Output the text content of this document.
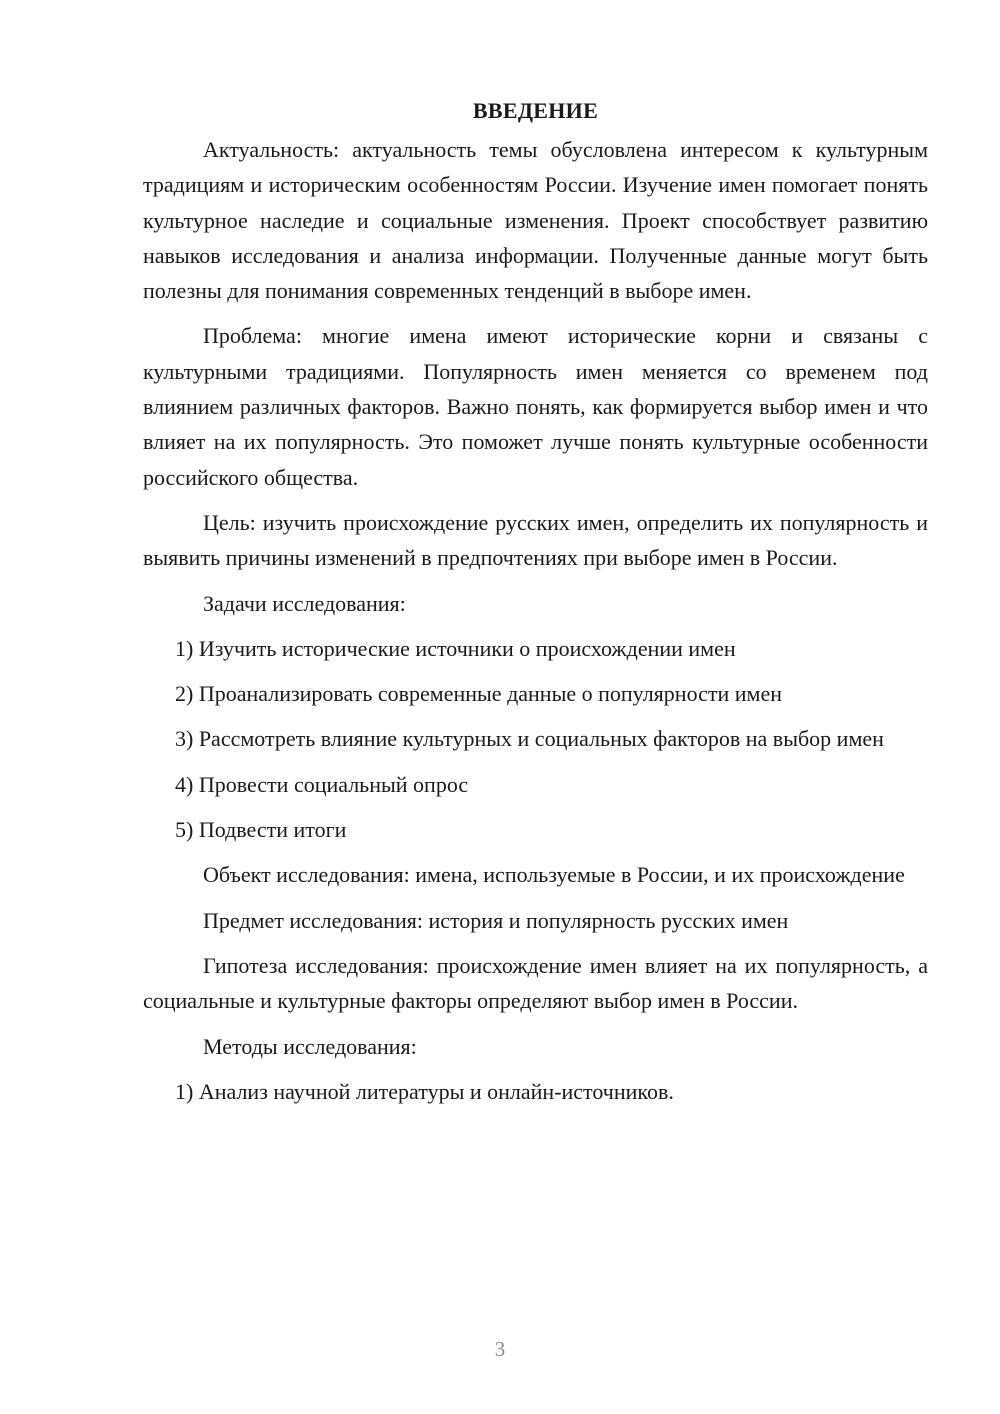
ВВЕДЕНИЕ
Актуальность: актуальность темы обусловлена интересом к культурным традициям и историческим особенностям России. Изучение имен помогает понять культурное наследие и социальные изменения. Проект способствует развитию навыков исследования и анализа информации. Полученные данные могут быть полезны для понимания современных тенденций в выборе имен.
Проблема: многие имена имеют исторические корни и связаны с культурными традициями. Популярность имен меняется со временем под влиянием различных факторов. Важно понять, как формируется выбор имен и что влияет на их популярность. Это поможет лучше понять культурные особенности российского общества.
Цель: изучить происхождение русских имен, определить их популярность и выявить причины изменений в предпочтениях при выборе имен в России.
Задачи исследования:
1) Изучить исторические источники о происхождении имен
2) Проанализировать современные данные о популярности имен
3) Рассмотреть влияние культурных и социальных факторов на выбор имен
4) Провести социальный опрос
5) Подвести итоги
Объект исследования: имена, используемые в России, и их происхождение
Предмет исследования: история и популярность русских имен
Гипотеза исследования: происхождение имен влияет на их популярность, а социальные и культурные факторы определяют выбор имен в России.
Методы исследования:
1) Анализ научной литературы и онлайн-источников.
3
